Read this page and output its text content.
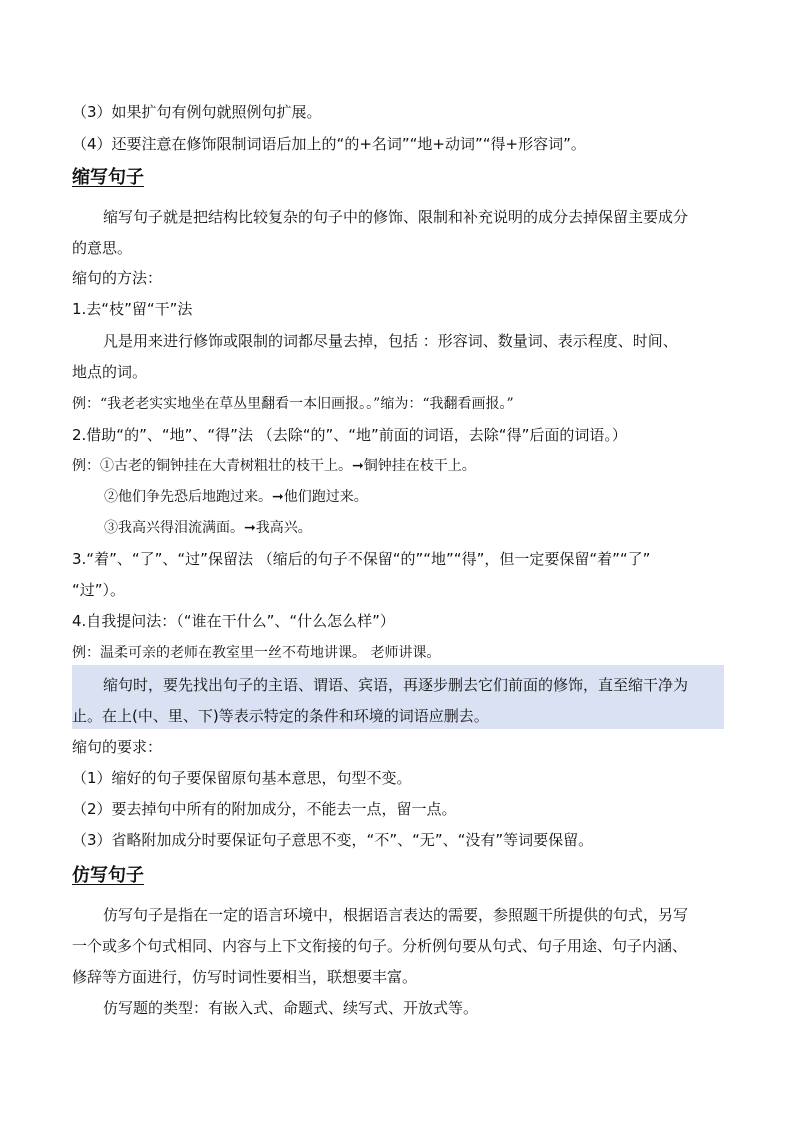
（3）如果扩句有例句就照例句扩展。
（4）还要注意在修饰限制词语后加上的“的+名词”“地+动词”“得+形容词”。
缩写句子
缩写句子就是把结构比较复杂的句子中的修饰、限制和补充说明的成分去掉保留主要成分
的意思。
缩句的方法：
1.去“枝”留“干”法
凡是用来进行修饰或限制的词都尽量去掉，包括 ：形容词、数量词、表示程度、时间、
地点的词。
例：“我老老实实地坐在草丛里翻看一本旧画报。。”缩为：“我翻看画报。”
2.借助“的”、“地”、“得”法 （去除“的”、“地”前面的词语，去除“得”后面的词语。）
例：①古老的铜钟挂在大青树粗壮的枝干上。➞铜钟挂在枝干上。
②他们争先恐后地跑过来。➞他们跑过来。
③我高兴得泪流满面。➞我高兴。
3.“着”、“了”、“过”保留法 （缩后的句子不保留“的”“地”“得”，但一定要保留“着”“了”
“过”）。
4.自我提问法：（“谁在干什么”、“什么怎么样”）
例：温柔可亲的老师在教室里一丝不苟地讲课。 老师讲课。
缩句时，要先找出句子的主语、谓语、宾语，再逐步删去它们前面的修饰，直至缩干净为
止。在上(中、里、下)等表示特定的条件和环境的词语应删去。
缩句的要求：
（1）缩好的句子要保留原句基本意思，句型不变。
（2）要去掉句中所有的附加成分，不能去一点，留一点。
（3）省略附加成分时要保证句子意思不变，“不”、“无”、“没有”等词要保留。
仿写句子
仿写句子是指在一定的语言环境中，根据语言表达的需要，参照题干所提供的句式，另写
一个或多个句式相同、内容与上下文衔接的句子。分析例句要从句式、句子用途、句子内涵、
修辞等方面进行，仿写时词性要相当，联想要丰富。
仿写题的类型：有嵌入式、命题式、续写式、开放式等。
